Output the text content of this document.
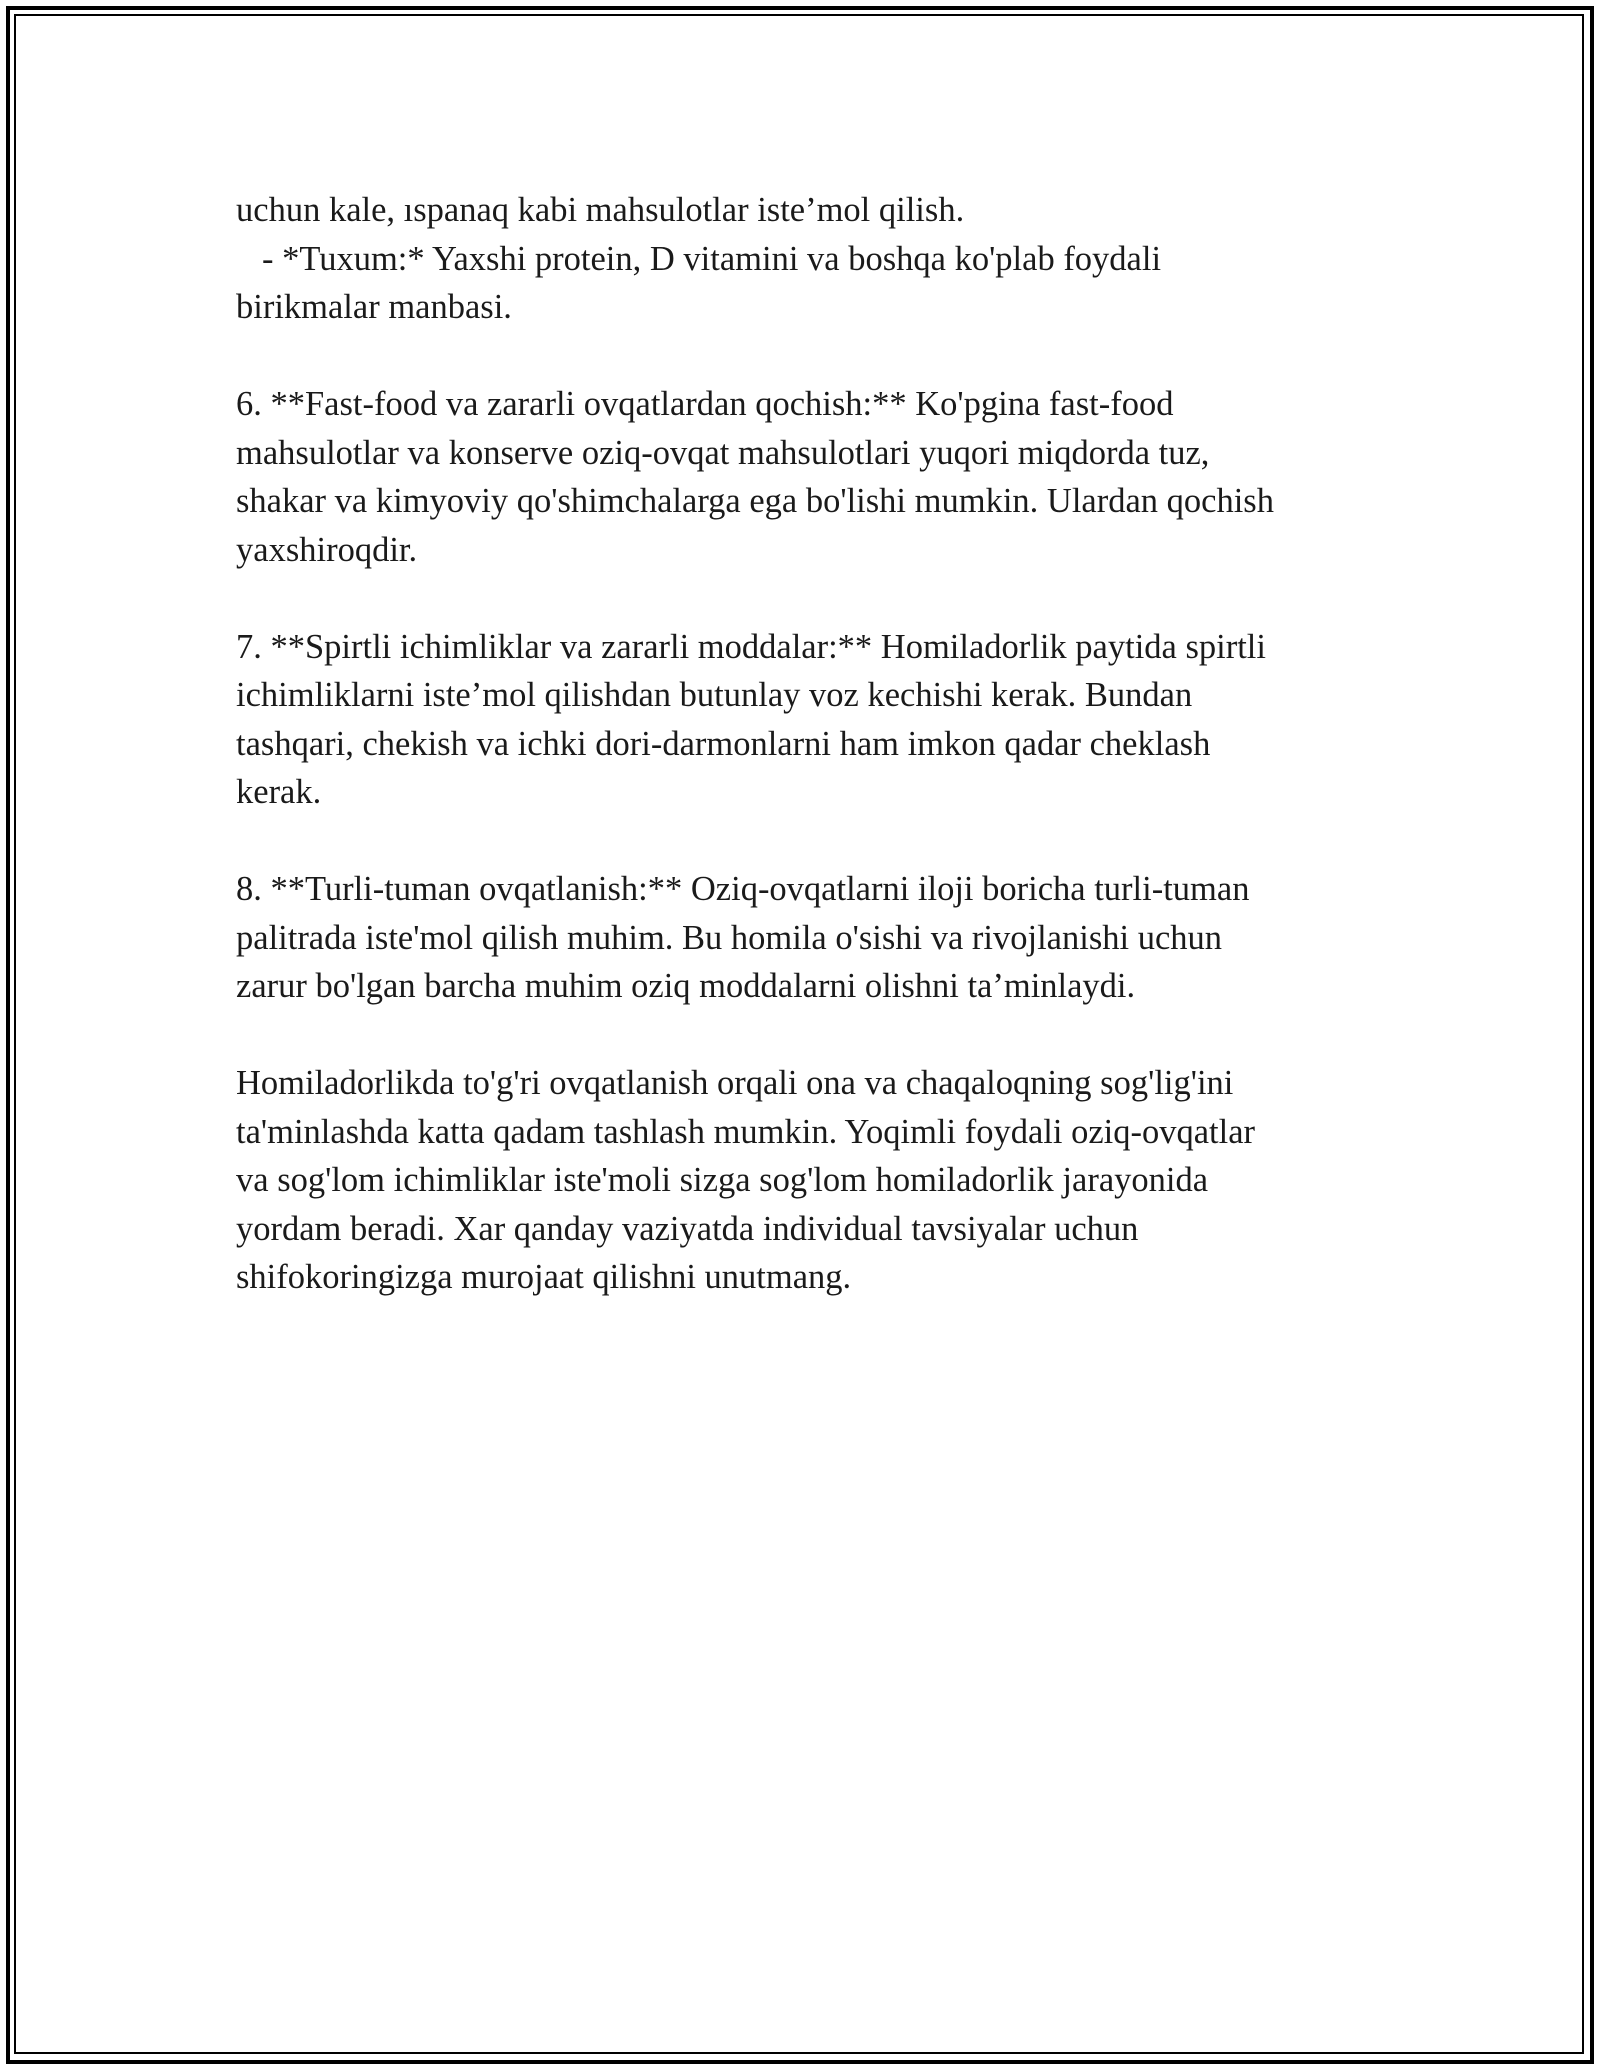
uchun kale, ıspanaq kabi mahsulotlar iste’mol qilish.

- *Tuxum:* Yaxshi protein, D vitamini va boshqa ko'plab foydali

birikmalar manbasi.

6. **Fast-food va zararli ovqatlardan qochish:** Ko'pgina fast-food

mahsulotlar va konserve oziq-ovqat mahsulotlari yuqori miqdorda tuz,

shakar va kimyoviy qo'shimchalarga ega bo'lishi mumkin. Ulardan qochish

yaxshiroqdir.

7. **Spirtli ichimliklar va zararli moddalar:** Homiladorlik paytida spirtli

ichimliklarni iste’mol qilishdan butunlay voz kechishi kerak. Bundan

tashqari, chekish va ichki dori-darmonlarni ham imkon qadar cheklash

kerak.

8. **Turli-tuman ovqatlanish:** Oziq-ovqatlarni iloji boricha turli-tuman

palitrada iste'mol qilish muhim. Bu homila o'sishi va rivojlanishi uchun

zarur bo'lgan barcha muhim oziq moddalarni olishni ta’minlaydi.

Homiladorlikda to'g'ri ovqatlanish orqali ona va chaqaloqning sog'lig'ini

ta'minlashda katta qadam tashlash mumkin. Yoqimli foydali oziq-ovqatlar

va sog'lom ichimliklar iste'moli sizga sog'lom homiladorlik jarayonida

yordam beradi. Xar qanday vaziyatda individual tavsiyalar uchun

shifokoringizga murojaat qilishni unutmang.
